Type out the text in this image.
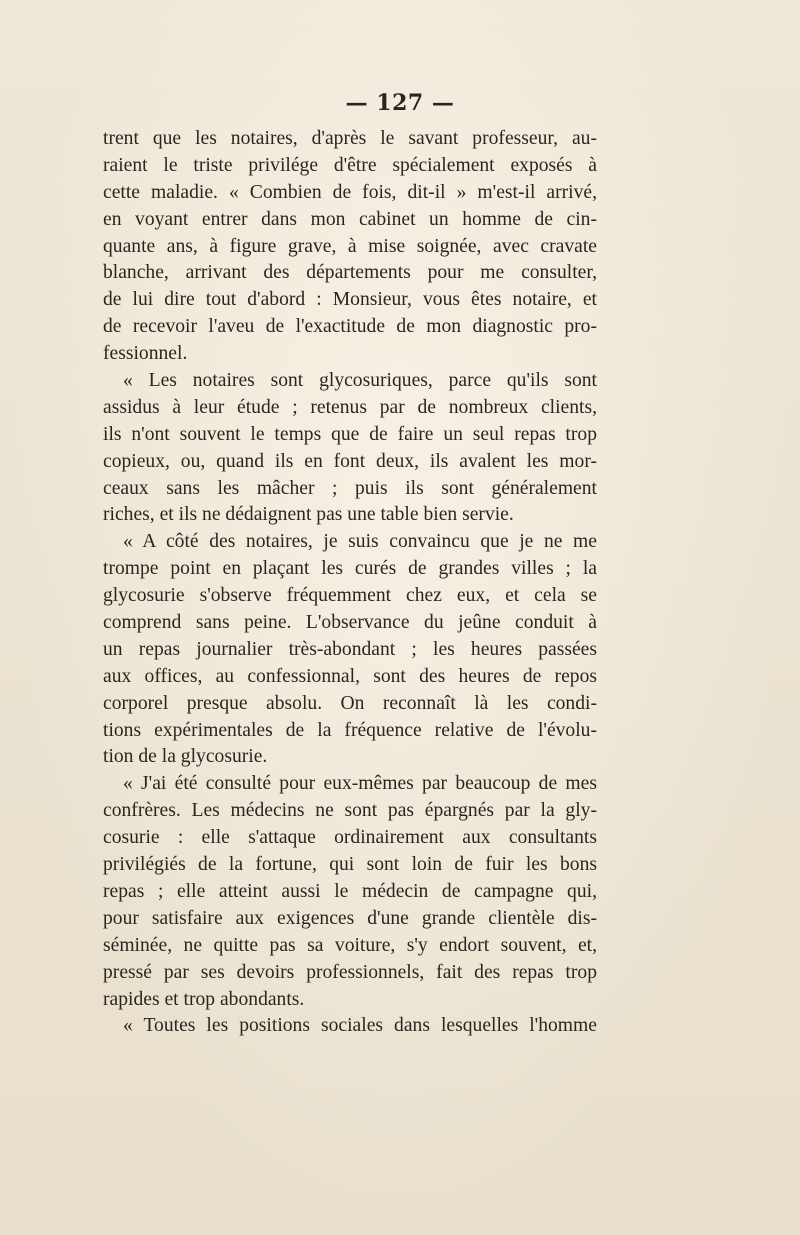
— 127 —
trent que les notaires, d'après le savant professeur, au-
raient le triste privilége d'être spécialement exposés à
cette maladie. « Combien de fois, dit-il » m'est-il arrivé,
en voyant entrer dans mon cabinet un homme de cin-
quante ans, à figure grave, à mise soignée, avec cravate
blanche, arrivant des départements pour me consulter,
de lui dire tout d'abord : Monsieur, vous êtes notaire, et
de recevoir l'aveu de l'exactitude de mon diagnostic pro-
fessionnel.
« Les notaires sont glycosuriques, parce qu'ils sont
assidus à leur étude ; retenus par de nombreux clients,
ils n'ont souvent le temps que de faire un seul repas trop
copieux, ou, quand ils en font deux, ils avalent les mor-
ceaux sans les mâcher ; puis ils sont généralement
riches, et ils ne dédaignent pas une table bien servie.
« A côté des notaires, je suis convaincu que je ne me
trompe point en plaçant les curés de grandes villes ; la
glycosurie s'observe fréquemment chez eux, et cela se
comprend sans peine. L'observance du jeûne conduit à
un repas journalier très-abondant ; les heures passées
aux offices, au confessionnal, sont des heures de repos
corporel presque absolu. On reconnaît là les condi-
tions expérimentales de la fréquence relative de l'évolu-
tion de la glycosurie.
« J'ai été consulté pour eux-mêmes par beaucoup de mes
confrères. Les médecins ne sont pas épargnés par la gly-
cosurie : elle s'attaque ordinairement aux consultants
privilégiés de la fortune, qui sont loin de fuir les bons
repas ; elle atteint aussi le médecin de campagne qui,
pour satisfaire aux exigences d'une grande clientèle dis-
séminée, ne quitte pas sa voiture, s'y endort souvent, et,
pressé par ses devoirs professionnels, fait des repas trop
rapides et trop abondants.
« Toutes les positions sociales dans lesquelles l'homme
